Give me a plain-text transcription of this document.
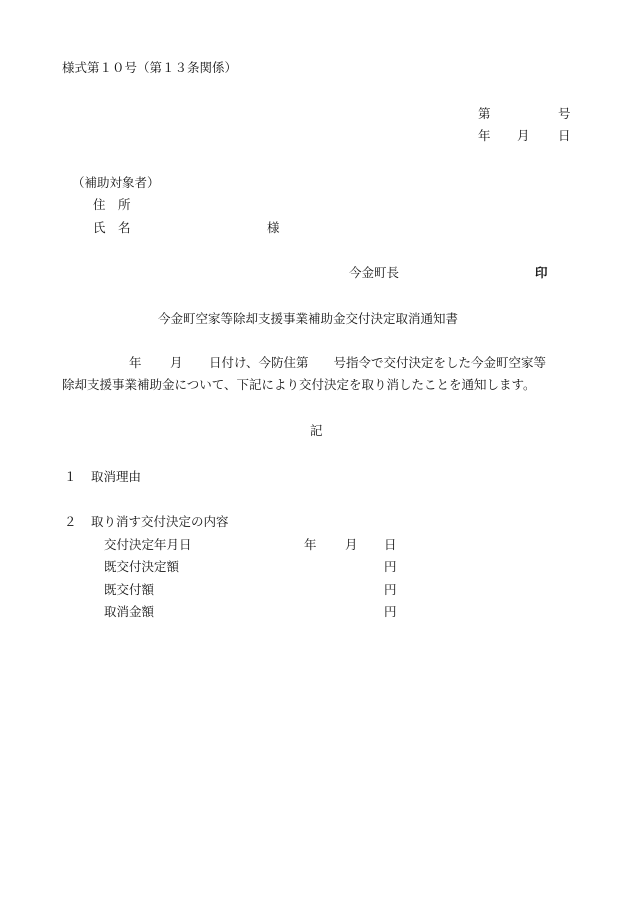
様式第１０号（第１３条関係）
第	号
年 月 日
（補助対象者）
住　所
氏　名	様
今金町長	印
今金町空家等除却支援事業補助金交付決定取消通知書
年 月 日付け、今防住第　　号指令で交付決定をした今金町空家等
除却支援事業補助金について、下記により交付決定を取り消したことを通知します。
記
１ 取消理由
２ 取り消す交付決定の内容
交付決定年月日	年 月 日
既交付決定額	円
既交付額	円
取消金額	円
